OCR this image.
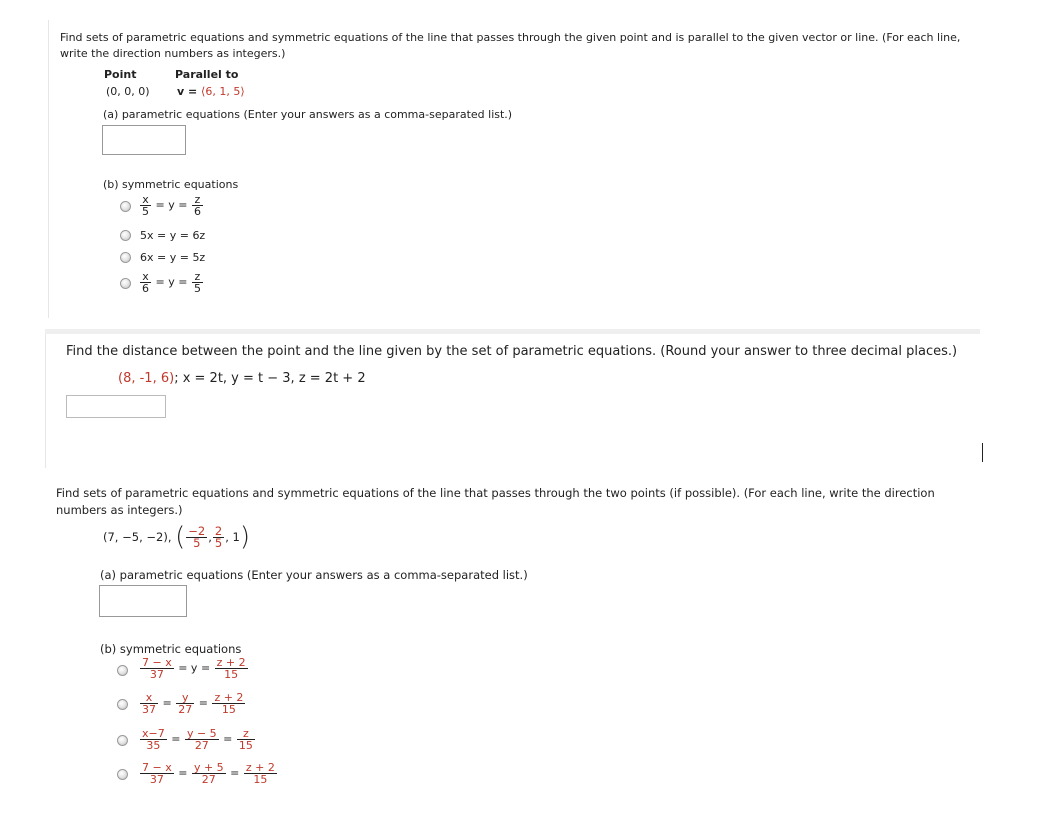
Find sets of parametric equations and symmetric equations of the line that passes through the given point and is parallel to the given vector or line. (For each line, write the direction numbers as integers.)
Point	Parallel to
(0, 0, 0) v = ⟨6, 1, 5⟩
(a) parametric equations (Enter your answers as a comma-separated list.)
(b) symmetric equations
$\frac{x}{5} = y = \frac{z}{6}$
5x = y = 6z
6x = y = 5z
$\frac{x}{6} = y = \frac{z}{5}$
Find the distance between the point and the line given by the set of parametric equations. (Round your answer to three decimal places.)
(8, -1, 6); x = 2t, y = t − 3, z = 2t + 2
Find sets of parametric equations and symmetric equations of the line that passes through the two points (if possible). (For each line, write the direction numbers as integers.)
(7, −5, −2), ( $\frac{-2}{5}$ , $\frac{2}{5}$ , 1)
(a) parametric equations (Enter your answers as a comma-separated list.)
(b) symmetric equations
$\frac{7 - x}{37} = y = \frac{z + 2}{15}$
$\frac{x}{37} = \frac{y}{27} = \frac{z + 2}{15}$
$\frac{x-7}{35} = \frac{y - 5}{27} = \frac{z}{15}$
$\frac{7 - x}{37} = \frac{y + 5}{27} = \frac{z + 2}{15}$
